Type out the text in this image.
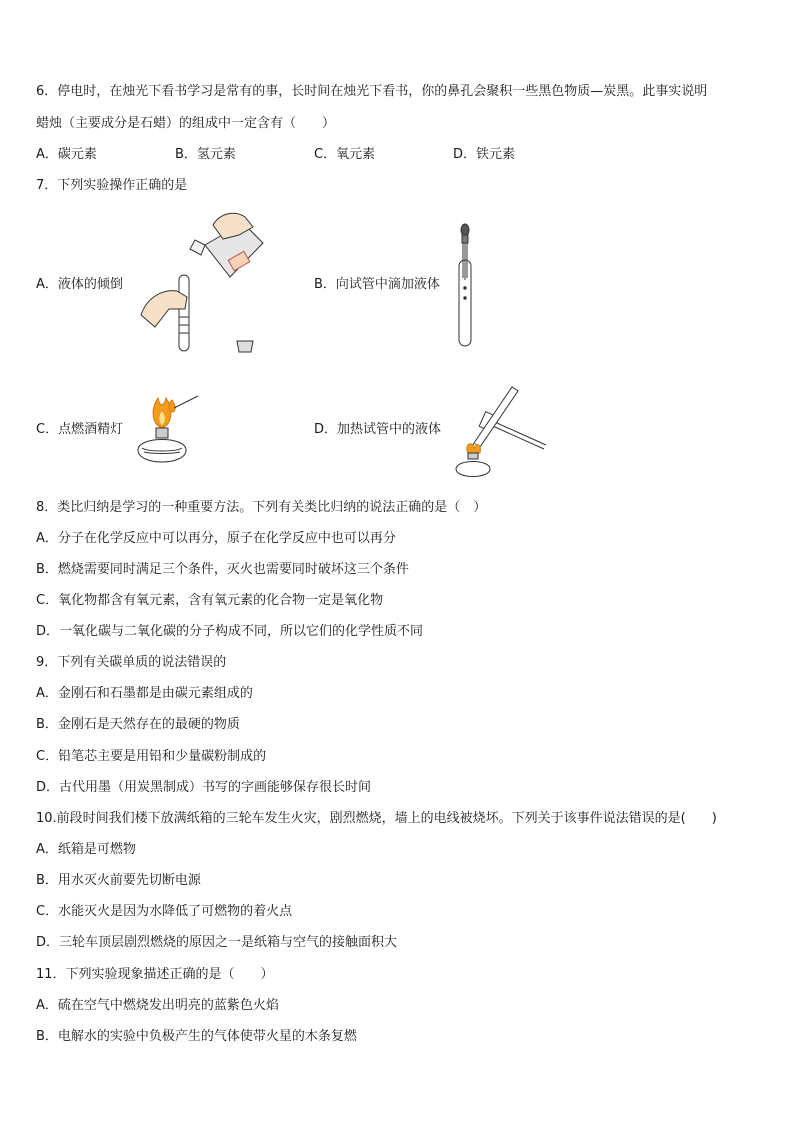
6．停电时，在烛光下看书学习是常有的事，长时间在烛光下看书，你的鼻孔会聚积一些黑色物质—炭黑。此事实说明
蜡烛（主要成分是石蜡）的组成中一定含有（　　）
A．碳元素	B．氢元素	C．氧元素	D．铁元素
7．下列实验操作正确的是
A．液体的倾倒	B．向试管中滴加液体
C．点燃酒精灯	D．加热试管中的液体
8．类比归纳是学习的一种重要方法。下列有关类比归纳的说法正确的是（　）
A．分子在化学反应中可以再分，原子在化学反应中也可以再分
B．燃烧需要同时满足三个条件，灭火也需要同时破坏这三个条件
C．氧化物都含有氧元素，含有氧元素的化合物一定是氧化物
D．一氧化碳与二氧化碳的分子构成不同，所以它们的化学性质不同
9．下列有关碳单质的说法错误的
A．金刚石和石墨都是由碳元素组成的
B．金刚石是天然存在的最硬的物质
C．铅笔芯主要是用铅和少量碳粉制成的
D．古代用墨（用炭黑制成）书写的字画能够保存很长时间
10.前段时间我们楼下放满纸箱的三轮车发生火灾，剧烈燃烧，墙上的电线被烧坏。下列关于该事件说法错误的是(　　)
A．纸箱是可燃物
B．用水灭火前要先切断电源
C．水能灭火是因为水降低了可燃物的着火点
D．三轮车顶层剧烈燃烧的原因之一是纸箱与空气的接触面积大
11．下列实验现象描述正确的是（　　）
A．硫在空气中燃烧发出明亮的蓝紫色火焰
B．电解水的实验中负极产生的气体使带火星的木条复燃
